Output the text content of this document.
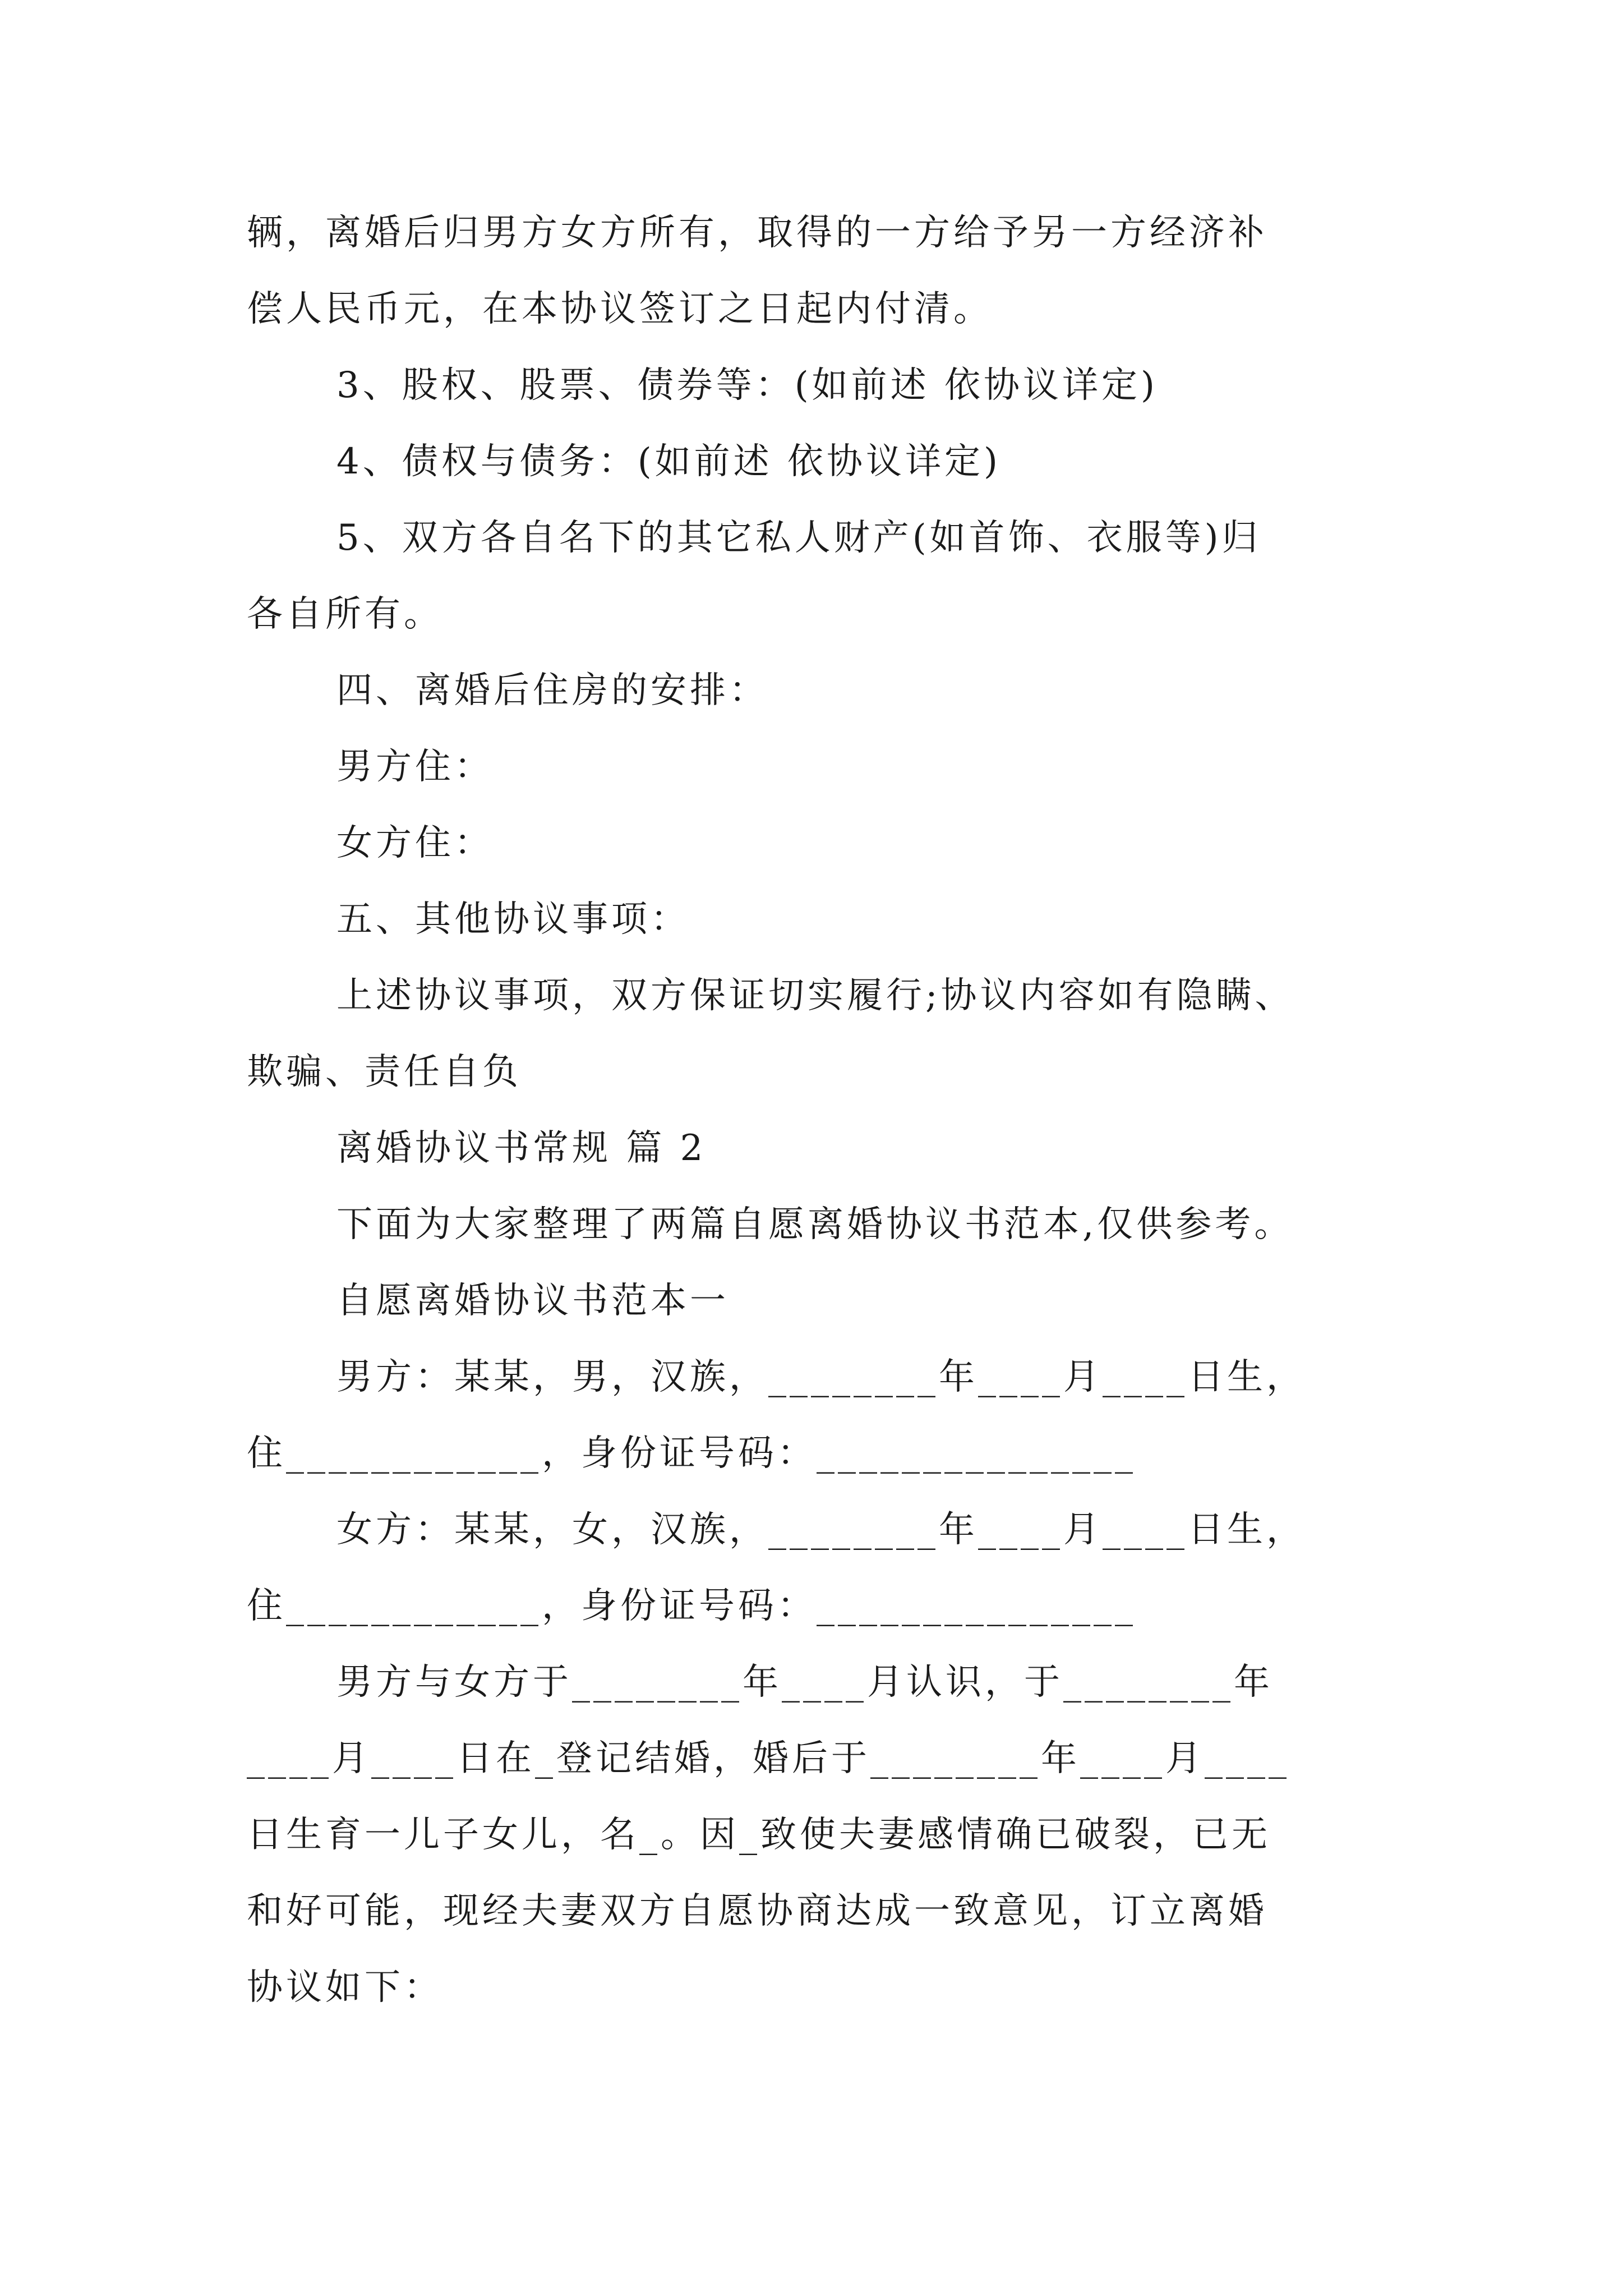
辆，离婚后归男方女方所有，取得的一方给予另一方经济补
偿人民币元，在本协议签订之日起内付清。
3、股权、股票、债券等：(如前述 依协议详定)
4、债权与债务：(如前述 依协议详定)
5、双方各自名下的其它私人财产(如首饰、衣服等)归
各自所有。
四、离婚后住房的安排：
男方住：
女方住：
五、其他协议事项：
上述协议事项，双方保证切实履行;协议内容如有隐瞒、
欺骗、责任自负
离婚协议书常规 篇 2
下面为大家整理了两篇自愿离婚协议书范本,仅供参考。
自愿离婚协议书范本一
男方：某某，男，汉族，________年____月____日生，
住____________，身份证号码：_______________
女方：某某，女，汉族，________年____月____日生，
住____________，身份证号码：_______________
男方与女方于________年____月认识，于________年
____月____日在_登记结婚，婚后于________年____月____
日生育一儿子女儿，名_。因_致使夫妻感情确已破裂，已无
和好可能，现经夫妻双方自愿协商达成一致意见，订立离婚
协议如下：
